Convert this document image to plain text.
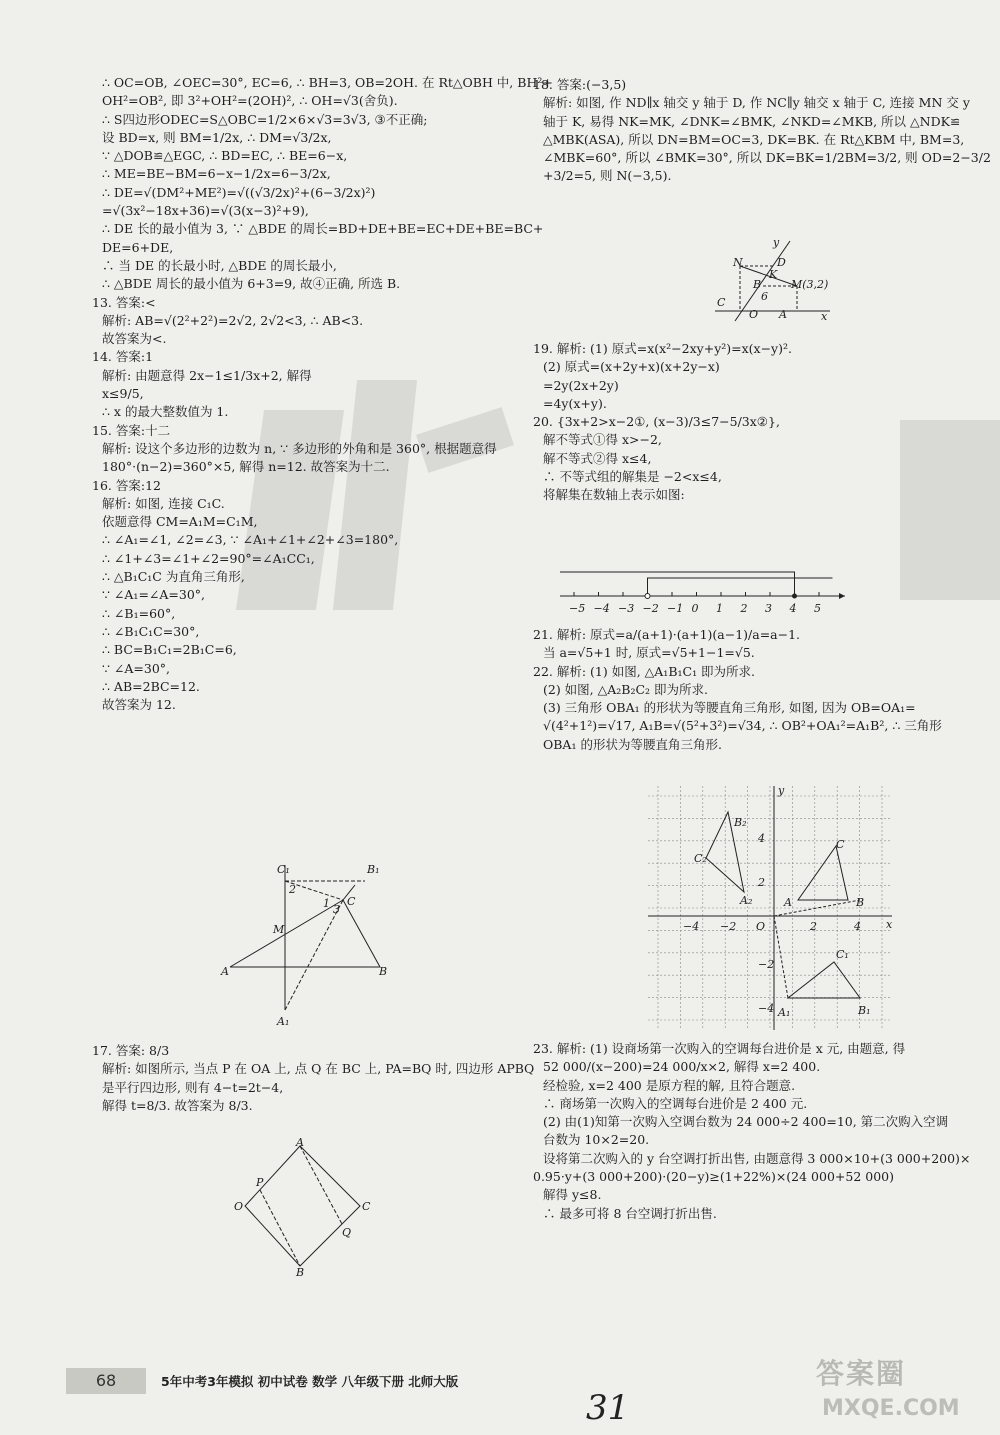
∴ OC=OB, ∠OEC=30°, EC=6, ∴ BH=3, OB=2OH. 在 Rt△OBH 中, BH²+
OH²=OB², 即 3²+OH²=(2OH)², ∴ OH=√3(舍负).
∴ S四边形ODEC=S△OBC=1/2×6×√3=3√3, ③不正确;
设 BD=x, 则 BM=1/2x, ∴ DM=√3/2x,
∵ △DOB≌△EGC, ∴ BD=EC, ∴ BE=6−x,
∴ ME=BE−BM=6−x−1/2x=6−3/2x,
∴ DE=√(DM²+ME²)=√((√3/2x)²+(6−3/2x)²)
=√(3x²−18x+36)=√(3(x−3)²+9),
∴ DE 长的最小值为 3, ∵ △BDE 的周长=BD+DE+BE=EC+DE+BE=BC+
DE=6+DE,
∴ 当 DE 的长最小时, △BDE 的周长最小,
∴ △BDE 周长的最小值为 6+3=9, 故④正确, 所选 B.
13. 答案:<
解析: AB=√(2²+2²)=2√2, 2√2<3, ∴ AB<3.
故答案为<.
14. 答案:1
解析: 由题意得 2x−1≤1/3x+2, 解得
x≤9/5,
∴ x 的最大整数值为 1.
15. 答案:十二
解析: 设这个多边形的边数为 n, ∵ 多边形的外角和是 360°, 根据题意得
180°·(n−2)=360°×5, 解得 n=12. 故答案为十二.
16. 答案:12
解析: 如图, 连接 C₁C.
依题意得 CM=A₁M=C₁M,
∴ ∠A₁=∠1, ∠2=∠3, ∵ ∠A₁+∠1+∠2+∠3=180°,
∴ ∠1+∠3=∠1+∠2=90°=∠A₁CC₁,
∴ △B₁C₁C 为直角三角形,
∵ ∠A₁=∠A=30°,
∴ ∠B₁=60°,
∴ ∠B₁C₁C=30°,
∴ BC=B₁C₁=2B₁C=6,
∵ ∠A=30°,
∴ AB=2BC=12.
故答案为 12.
18. 答案:(−3,5)
解析: 如图, 作 ND∥x 轴交 y 轴于 D, 作 NC∥y 轴交 x 轴于 C, 连接 MN 交 y
轴于 K, 易得 NK=MK, ∠DNK=∠BMK, ∠NKD=∠MKB, 所以 △NDK≌
△MBK(ASA), 所以 DN=BM=OC=3, DK=BK. 在 Rt△KBM 中, BM=3,
∠MBK=60°, 所以 ∠BMK=30°, 所以 DK=BK=1/2BM=3/2, 则 OD=2−3/2
+3/2=5, 则 N(−3,5).
17. 答案: 8/3
解析: 如图所示, 当点 P 在 OA 上, 点 Q 在 BC 上, PA=BQ 时, 四边形 APBQ
是平行四边形, 则有 4−t=2t−4,
解得 t=8/3. 故答案为 8/3.
19. 解析: (1) 原式=x(x²−2xy+y²)=x(x−y)².
(2) 原式=(x+2y+x)(x+2y−x)
=2y(2x+2y)
=4y(x+y).
20. {3x+2>x−2①, (x−3)/3≤7−5/3x②},
解不等式①得 x>−2,
解不等式②得 x≤4,
∴ 不等式组的解集是 −2<x≤4,
将解集在数轴上表示如图:
21. 解析: 原式=a/(a+1)·(a+1)(a−1)/a=a−1.
当 a=√5+1 时, 原式=√5+1−1=√5.
22. 解析: (1) 如图, △A₁B₁C₁ 即为所求.
(2) 如图, △A₂B₂C₂ 即为所求.
(3) 三角形 OBA₁ 的形状为等腰直角三角形, 如图, 因为 OB=OA₁=
√(4²+1²)=√17, A₁B=√(5²+3²)=√34, ∴ OB²+OA₁²=A₁B², ∴ 三角形
OBA₁ 的形状为等腰直角三角形.
23. 解析: (1) 设商场第一次购入的空调每台进价是 x 元, 由题意, 得
52 000/(x−200)=24 000/x×2, 解得 x=2 400.
经检验, x=2 400 是原方程的解, 且符合题意.
∴ 商场第一次购入的空调每台进价是 2 400 元.
(2) 由(1)知第一次购入空调台数为 24 000÷2 400=10, 第二次购入空调
台数为 10×2=20.
设将第二次购入的 y 台空调打折出售, 由题意得 3 000×10+(3 000+200)×
0.95·y+(3 000+200)·(20−y)≥(1+22%)×(24 000+52 000)
解得 y≤8.
∴ 最多可将 8 台空调打折出售.
C₁	B₁
C
M
A	B
A₁
2
1 3
A
C
O
B
P
Q
N	D
K
B	M(3,2)
C
O A	x
y
6
−5 −4 −3 −2 −1 0 1 2 3 4 5
−4 −2 O	2	4
4
2
−2
−4
x
y
B₂
C₂
A₂
C
A	B
C₁
A₁	B₁
68	5年中考3年模拟 初中试卷 数学 八年级下册 北师大版
31
答案圈
MXQE.COM
